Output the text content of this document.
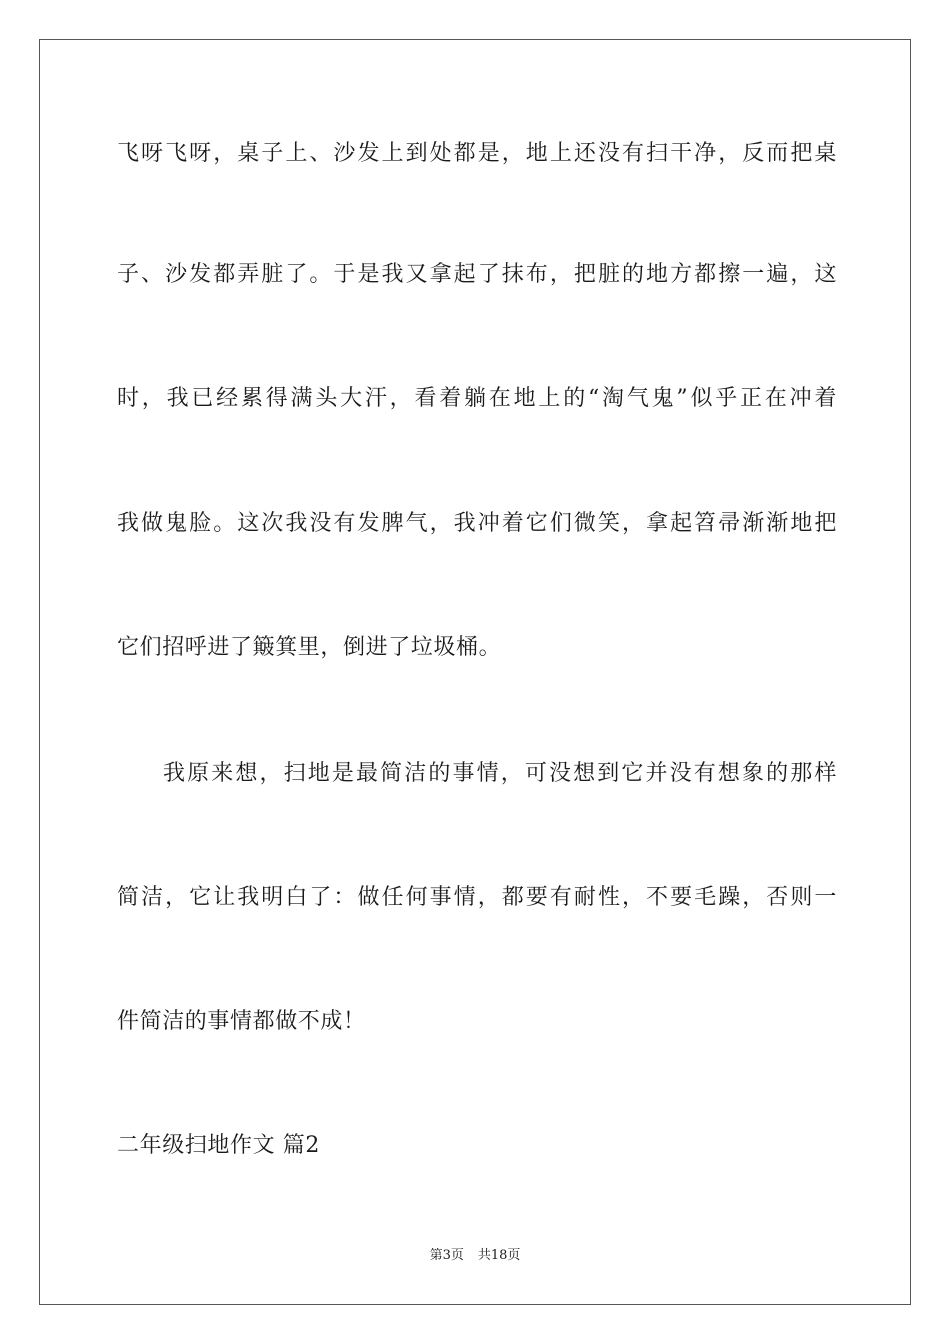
飞呀飞呀，桌子上、沙发上到处都是，地上还没有扫干净，反而把桌
子、沙发都弄脏了。于是我又拿起了抹布，把脏的地方都擦一遍，这
时，我已经累得满头大汗，看着躺在地上的“淘气鬼”似乎正在冲着
我做鬼脸。这次我没有发脾气，我冲着它们微笑，拿起笤帚渐渐地把
它们招呼进了簸箕里，倒进了垃圾桶。
我原来想，扫地是最简洁的事情，可没想到它并没有想象的那样
简洁，它让我明白了：做任何事情，都要有耐性，不要毛躁，否则一
件简洁的事情都做不成！
二年级扫地作文 篇2
第3页 共18页
